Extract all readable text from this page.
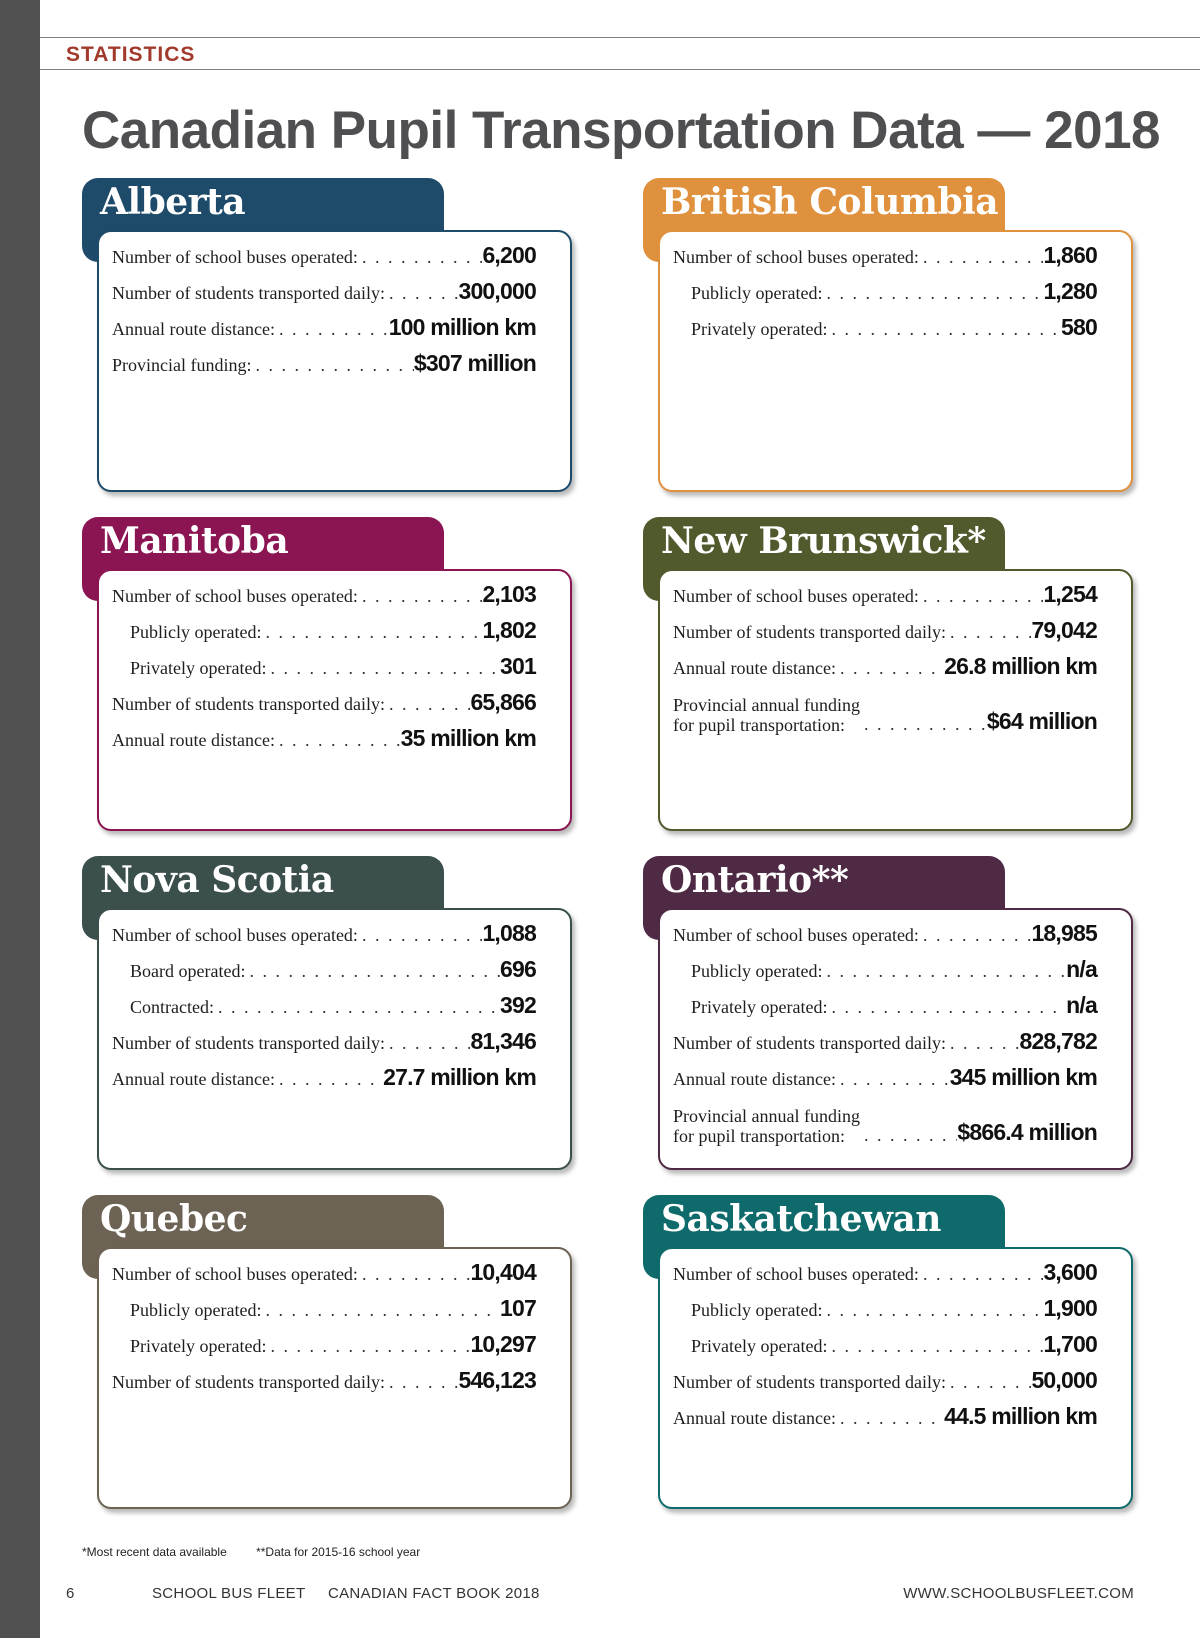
STATISTICS
Canadian Pupil Transportation Data — 2018
Alberta
Number of school buses operated: . . .	6,200
Number of students transported daily: . . .	300,000
Annual route distance: . . .	100 million km
Provincial funding: . . .	$307 million
British Columbia
Number of school buses operated: . . .	1,860
Publicly operated: . . .	1,280
Privately operated: . . .	580
Manitoba
Number of school buses operated: . . .	2,103
Publicly operated: . . .	1,802
Privately operated: . . .	301
Number of students transported daily: . . .	65,866
Annual route distance: . . .	35 million km
New Brunswick*
Number of school buses operated: . . .	1,254
Number of students transported daily: . . .	79,042
Annual route distance: . . .	26.8 million km
Provincial annual funding
for pupil transportation: . . .	$64 million
Nova Scotia
Number of school buses operated: . . .	1,088
Board operated: . . .	696
Contracted: . . .	392
Number of students transported daily: . . .	81,346
Annual route distance: . . .	27.7 million km
Ontario**
Number of school buses operated: . . .	18,985
Publicly operated: . . .	n/a
Privately operated: . . .	n/a
Number of students transported daily: . . .	828,782
Annual route distance: . . .	345 million km
Provincial annual funding
for pupil transportation: . . .	$866.4 million
Quebec
Number of school buses operated: . . .	10,404
Publicly operated: . . .	107
Privately operated: . . .	10,297
Number of students transported daily: . . .	546,123
Saskatchewan
Number of school buses operated: . . .	3,600
Publicly operated: . . .	1,900
Privately operated: . . .	1,700
Number of students transported daily: . . .	50,000
Annual route distance: . . .	44.5 million km
*Most recent data available **Data for 2015-16 school year
6	SCHOOL BUS FLEET CANADIAN FACT BOOK 2018	WWW.SCHOOLBUSFLEET.COM
